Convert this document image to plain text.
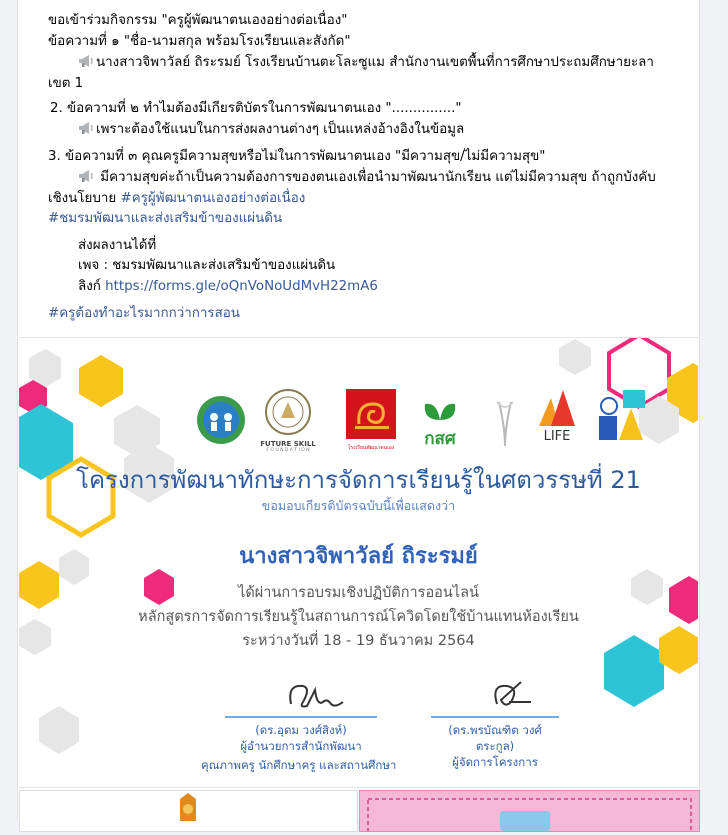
ขอเข้าร่วมกิจกรรม "ครูผู้พัฒนาตนเองอย่างต่อเนื่อง"
ข้อความที่ ๑ "ชื่อ-นามสกุล พร้อมโรงเรียนและสังกัด"
นางสาวจิพาวัลย์ ถิระรมย์ โรงเรียนบ้านตะโละซูแม สำนักงานเขตพื้นที่การศึกษาประถมศึกษายะลา
เขต 1
2. ข้อความที่ ๒ ทำไมต้องมีเกียรติบัตรในการพัฒนาตนเอง "..............."
เพราะต้องใช้แนบในการส่งผลงานต่างๆ เป็นแหล่งอ้างอิงในข้อมูล
3. ข้อความที่ ๓ คุณครูมีความสุขหรือไม่ในการพัฒนาตนเอง "มีความสุข/ไม่มีความสุข"
มีความสุขค่ะถ้าเป็นความต้องการของตนเองเพื่อนำมาพัฒนานักเรียน แต่ไม่มีความสุข ถ้าถูกบังคับ
เชิงนโยบาย #ครูผู้พัฒนาตนเองอย่างต่อเนื่อง
#ชมรมพัฒนาและส่งเสริมข้าของแผ่นดิน
ส่งผลงานได้ที่
เพจ : ชมรมพัฒนาและส่งเสริมข้าของแผ่นดิน
ลิงก์ https://forms.gle/oQnVoNoUdMvH22mA6
#ครูต้องทำอะไรมากกว่าการสอน
FUTURE SKILL
F O U N D A T I O N	โรงเรียนพัฒนาตนเอง	กสศ	LIFE
โครงการพัฒนาทักษะการจัดการเรียนรู้ในศตวรรษที่ 21
ขอมอบเกียรติบัตรฉบับนี้เพื่อแสดงว่า
นางสาวจิพาวัลย์ ถิระรมย์
ได้ผ่านการอบรมเชิงปฏิบัติการออนไลน์
หลักสูตรการจัดการเรียนรู้ในสถานการณ์โควิดโดยใช้บ้านแทนห้องเรียน
ระหว่างวันที่ 18 - 19 ธันวาคม 2564
(ดร.อุดม วงศ์สิงห์)
ผู้อำนวยการสำนักพัฒนา
คุณภาพครู นักศึกษาครู และสถานศึกษา
(ดร.พรบัณฑิต วงศ์ตระกูล)
ผู้จัดการโครงการ
